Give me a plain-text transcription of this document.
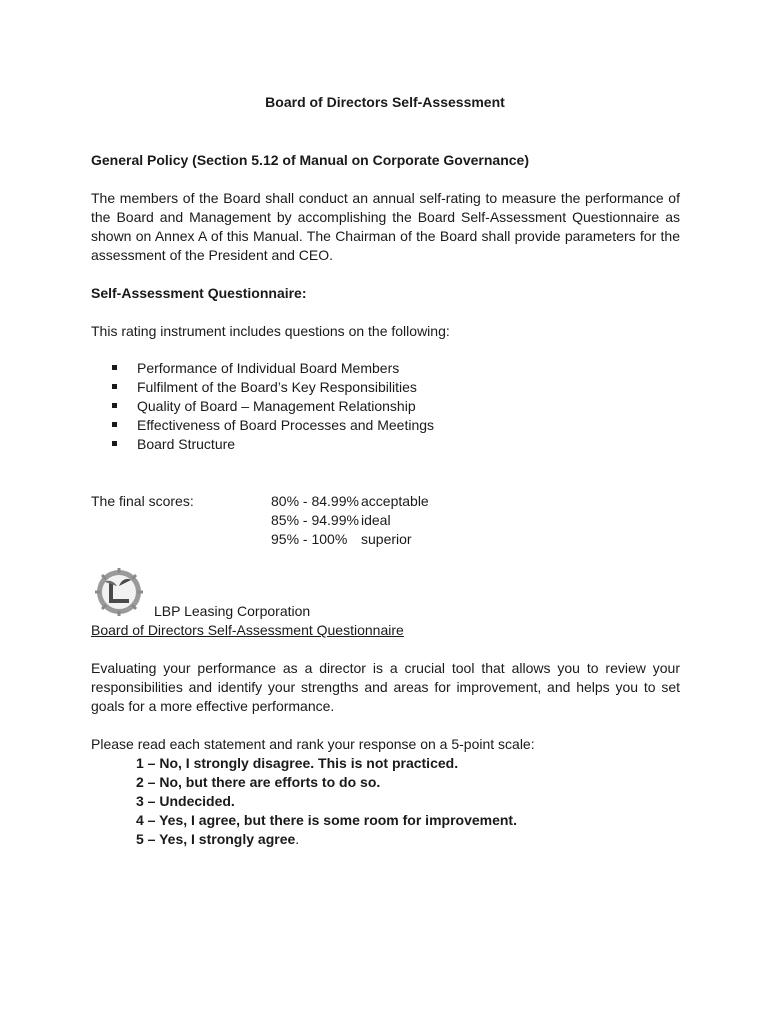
Board of Directors Self-Assessment
General Policy (Section 5.12 of Manual on Corporate Governance)
The members of the Board shall conduct an annual self-rating to measure the performance of the Board and Management by accomplishing the Board Self-Assessment Questionnaire as shown on Annex A of this Manual. The Chairman of the Board shall provide parameters for the assessment of the President and CEO.
Self-Assessment Questionnaire:
This rating instrument includes questions on the following:
Performance of Individual Board Members
Fulfilment of the Board’s Key Responsibilities
Quality of Board – Management Relationship
Effectiveness of Board Processes and Meetings
Board Structure
The final scores:	80% - 84.99% acceptable
85% - 94.99% ideal
95% - 100% superior
LBP Leasing Corporation
Board of Directors Self-Assessment Questionnaire
Evaluating your performance as a director is a crucial tool that allows you to review your responsibilities and identify your strengths and areas for improvement, and helps you to set goals for a more effective performance.
Please read each statement and rank your response on a 5-point scale:
1 – No, I strongly disagree. This is not practiced.
2 – No, but there are efforts to do so.
3 – Undecided.
4 – Yes, I agree, but there is some room for improvement.
5 – Yes, I strongly agree.
